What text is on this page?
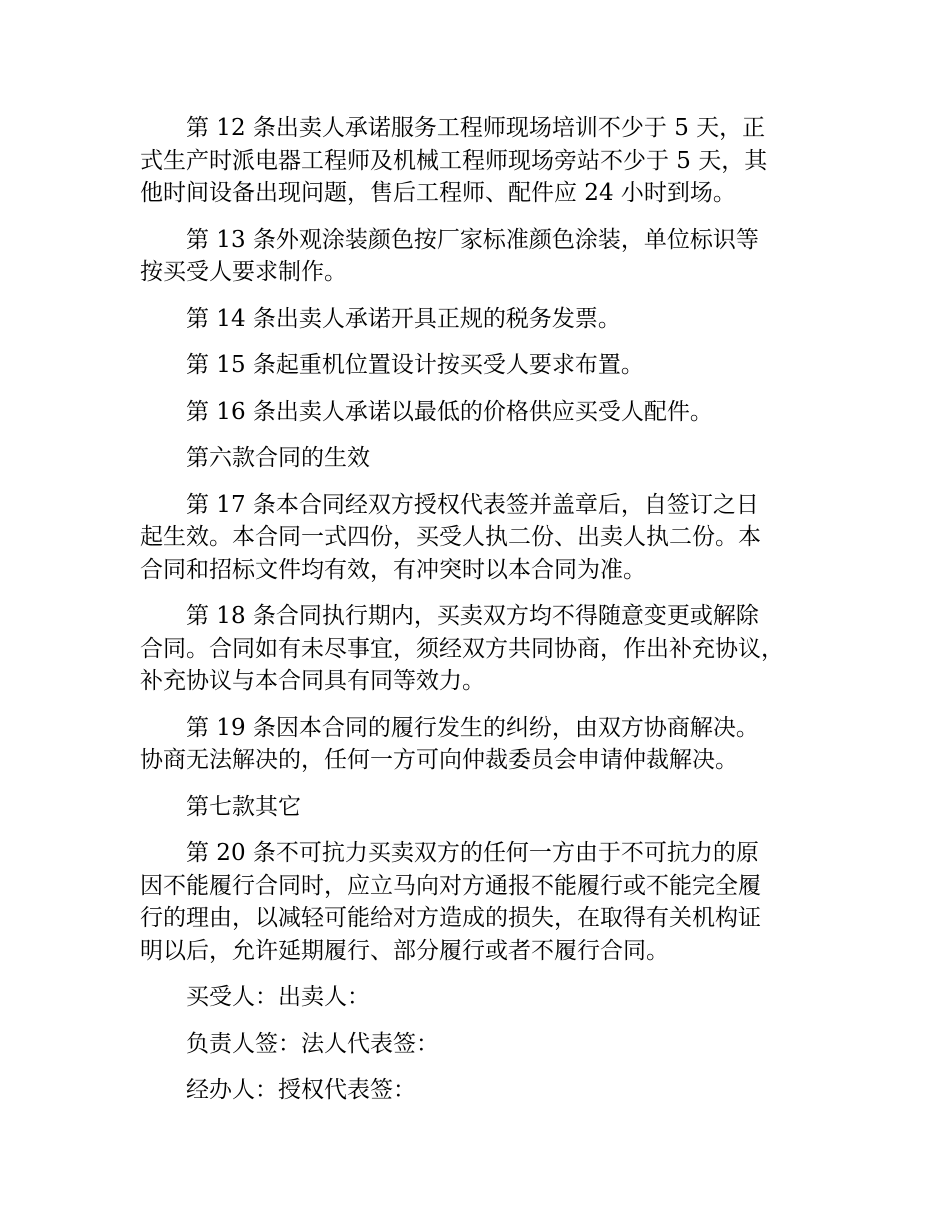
第 12 条出卖人承诺服务工程师现场培训不少于 5 天，正
式生产时派电器工程师及机械工程师现场旁站不少于 5 天，其
他时间设备出现问题，售后工程师、配件应 24 小时到场。

第 13 条外观涂装颜色按厂家标准颜色涂装，单位标识等
按买受人要求制作。

第 14 条出卖人承诺开具正规的税务发票。

第 15 条起重机位置设计按买受人要求布置。

第 16 条出卖人承诺以最低的价格供应买受人配件。

第六款合同的生效

第 17 条本合同经双方授权代表签并盖章后，自签订之日
起生效。本合同一式四份，买受人执二份、出卖人执二份。本
合同和招标文件均有效，有冲突时以本合同为准。

第 18 条合同执行期内，买卖双方均不得随意变更或解除
合同。合同如有未尽事宜，须经双方共同协商，作出补充协议，
补充协议与本合同具有同等效力。

第 19 条因本合同的履行发生的纠纷，由双方协商解决。
协商无法解决的，任何一方可向仲裁委员会申请仲裁解决。

第七款其它

第 20 条不可抗力买卖双方的任何一方由于不可抗力的原
因不能履行合同时，应立马向对方通报不能履行或不能完全履
行的理由，以减轻可能给对方造成的损失，在取得有关机构证
明以后，允许延期履行、部分履行或者不履行合同。

买受人：出卖人：

负责人签：法人代表签：

经办人：授权代表签：
